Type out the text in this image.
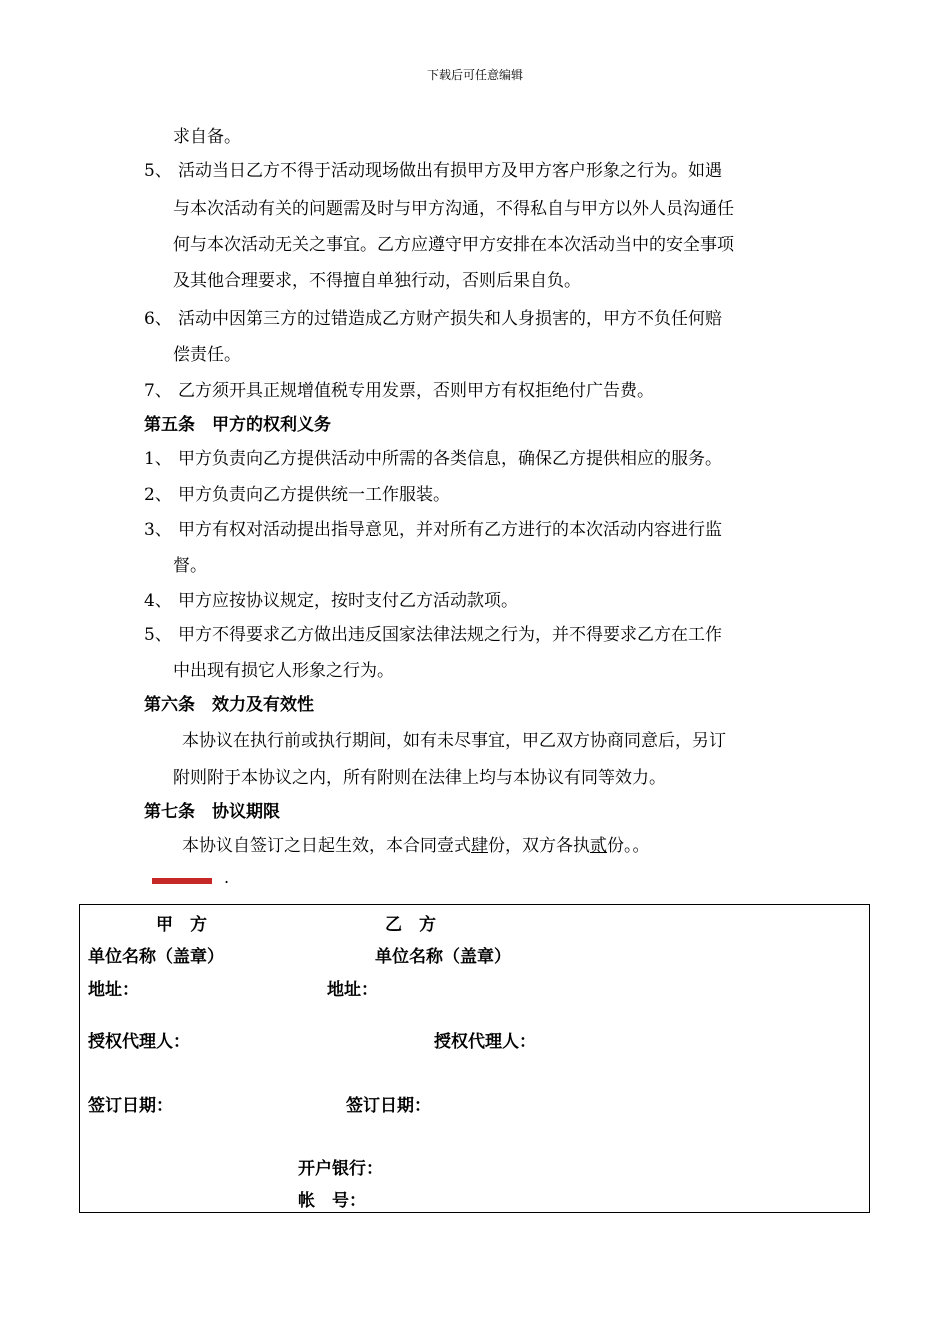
下载后可任意编辑
求自备。
5、 活动当日乙方不得于活动现场做出有损甲方及甲方客户形象之行为。如遇
与本次活动有关的问题需及时与甲方沟通，不得私自与甲方以外人员沟通任
何与本次活动无关之事宜。乙方应遵守甲方安排在本次活动当中的安全事项
及其他合理要求，不得擅自单独行动，否则后果自负。
6、 活动中因第三方的过错造成乙方财产损失和人身损害的，甲方不负任何赔
偿责任。
7、 乙方须开具正规增值税专用发票，否则甲方有权拒绝付广告费。
第五条　甲方的权利义务
1、 甲方负责向乙方提供活动中所需的各类信息，确保乙方提供相应的服务。
2、 甲方负责向乙方提供统一工作服装。
3、 甲方有权对活动提出指导意见，并对所有乙方进行的本次活动内容进行监
督。
4、 甲方应按协议规定，按时支付乙方活动款项。
5、 甲方不得要求乙方做出违反国家法律法规之行为，并不得要求乙方在工作
中出现有损它人形象之行为。
第六条　效力及有效性
本协议在执行前或执行期间，如有未尽事宜，甲乙双方协商同意后，另订
附则附于本协议之内，所有附则在法律上均与本协议有同等效力。
第七条　协议期限
本协议自签订之日起生效，本合同壹式肆份，双方各执贰份。。
.
甲　方	乙　方
单位名称（盖章）	单位名称（盖章）
地址：	地址：
授权代理人：	授权代理人：
签订日期：	签订日期：
开户银行：
帐　号：
